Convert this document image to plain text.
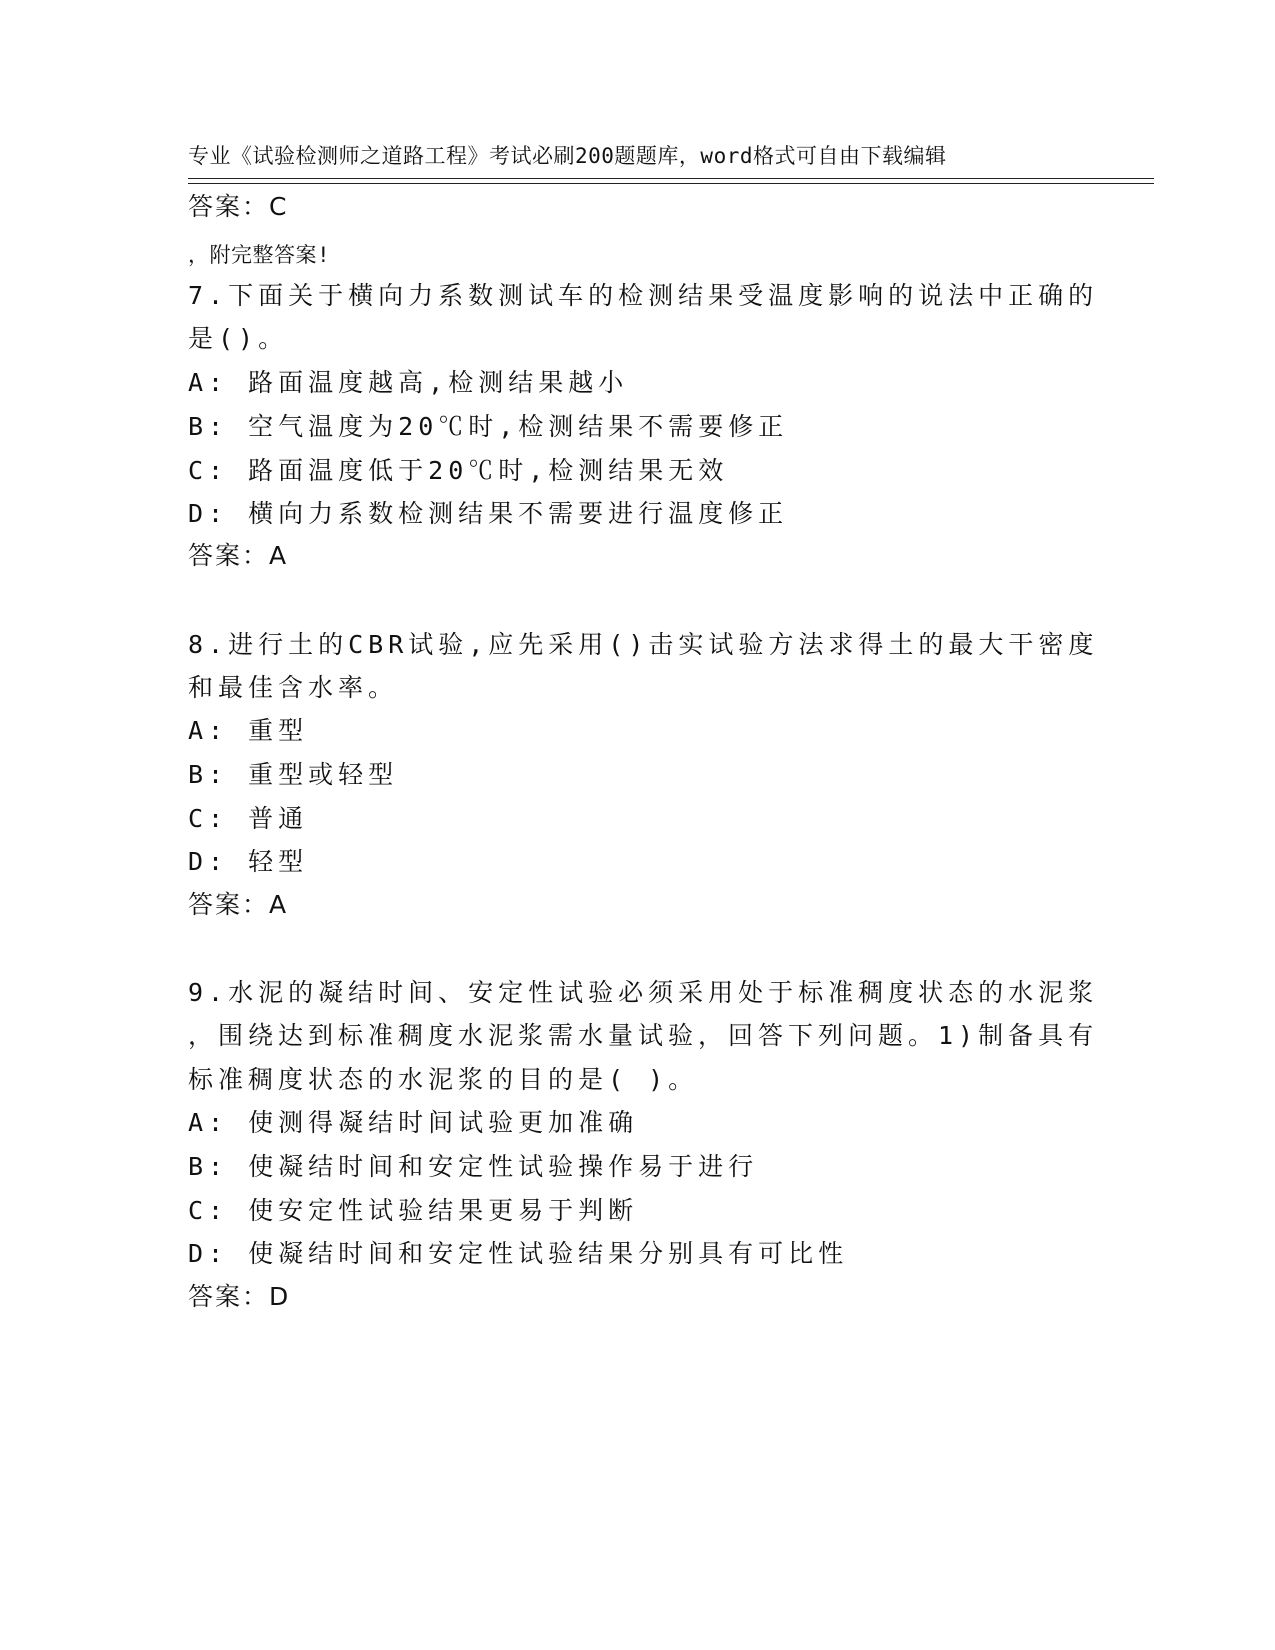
专业《试验检测师之道路工程》考试必刷200题题库，word格式可自由下载编辑

，附完整答案!

答案：C
7.下面关于横向力系数测试车的检测结果受温度影响的说法中正确的
是()。
A: 路面温度越高,检测结果越小
B: 空气温度为20℃时,检测结果不需要修正
C: 路面温度低于20℃时,检测结果无效
D: 横向力系数检测结果不需要进行温度修正
答案：A
8.进行土的CBR试验,应先采用()击实试验方法求得土的最大干密度
和最佳含水率。
A: 重型
B: 重型或轻型
C: 普通
D: 轻型
答案：A
9.水泥的凝结时间、安定性试验必须采用处于标准稠度状态的水泥浆
，围绕达到标准稠度水泥浆需水量试验，回答下列问题。1)制备具有
标准稠度状态的水泥浆的目的是( )。
A: 使测得凝结时间试验更加准确
B: 使凝结时间和安定性试验操作易于进行
C: 使安定性试验结果更易于判断
D: 使凝结时间和安定性试验结果分别具有可比性
答案：D
